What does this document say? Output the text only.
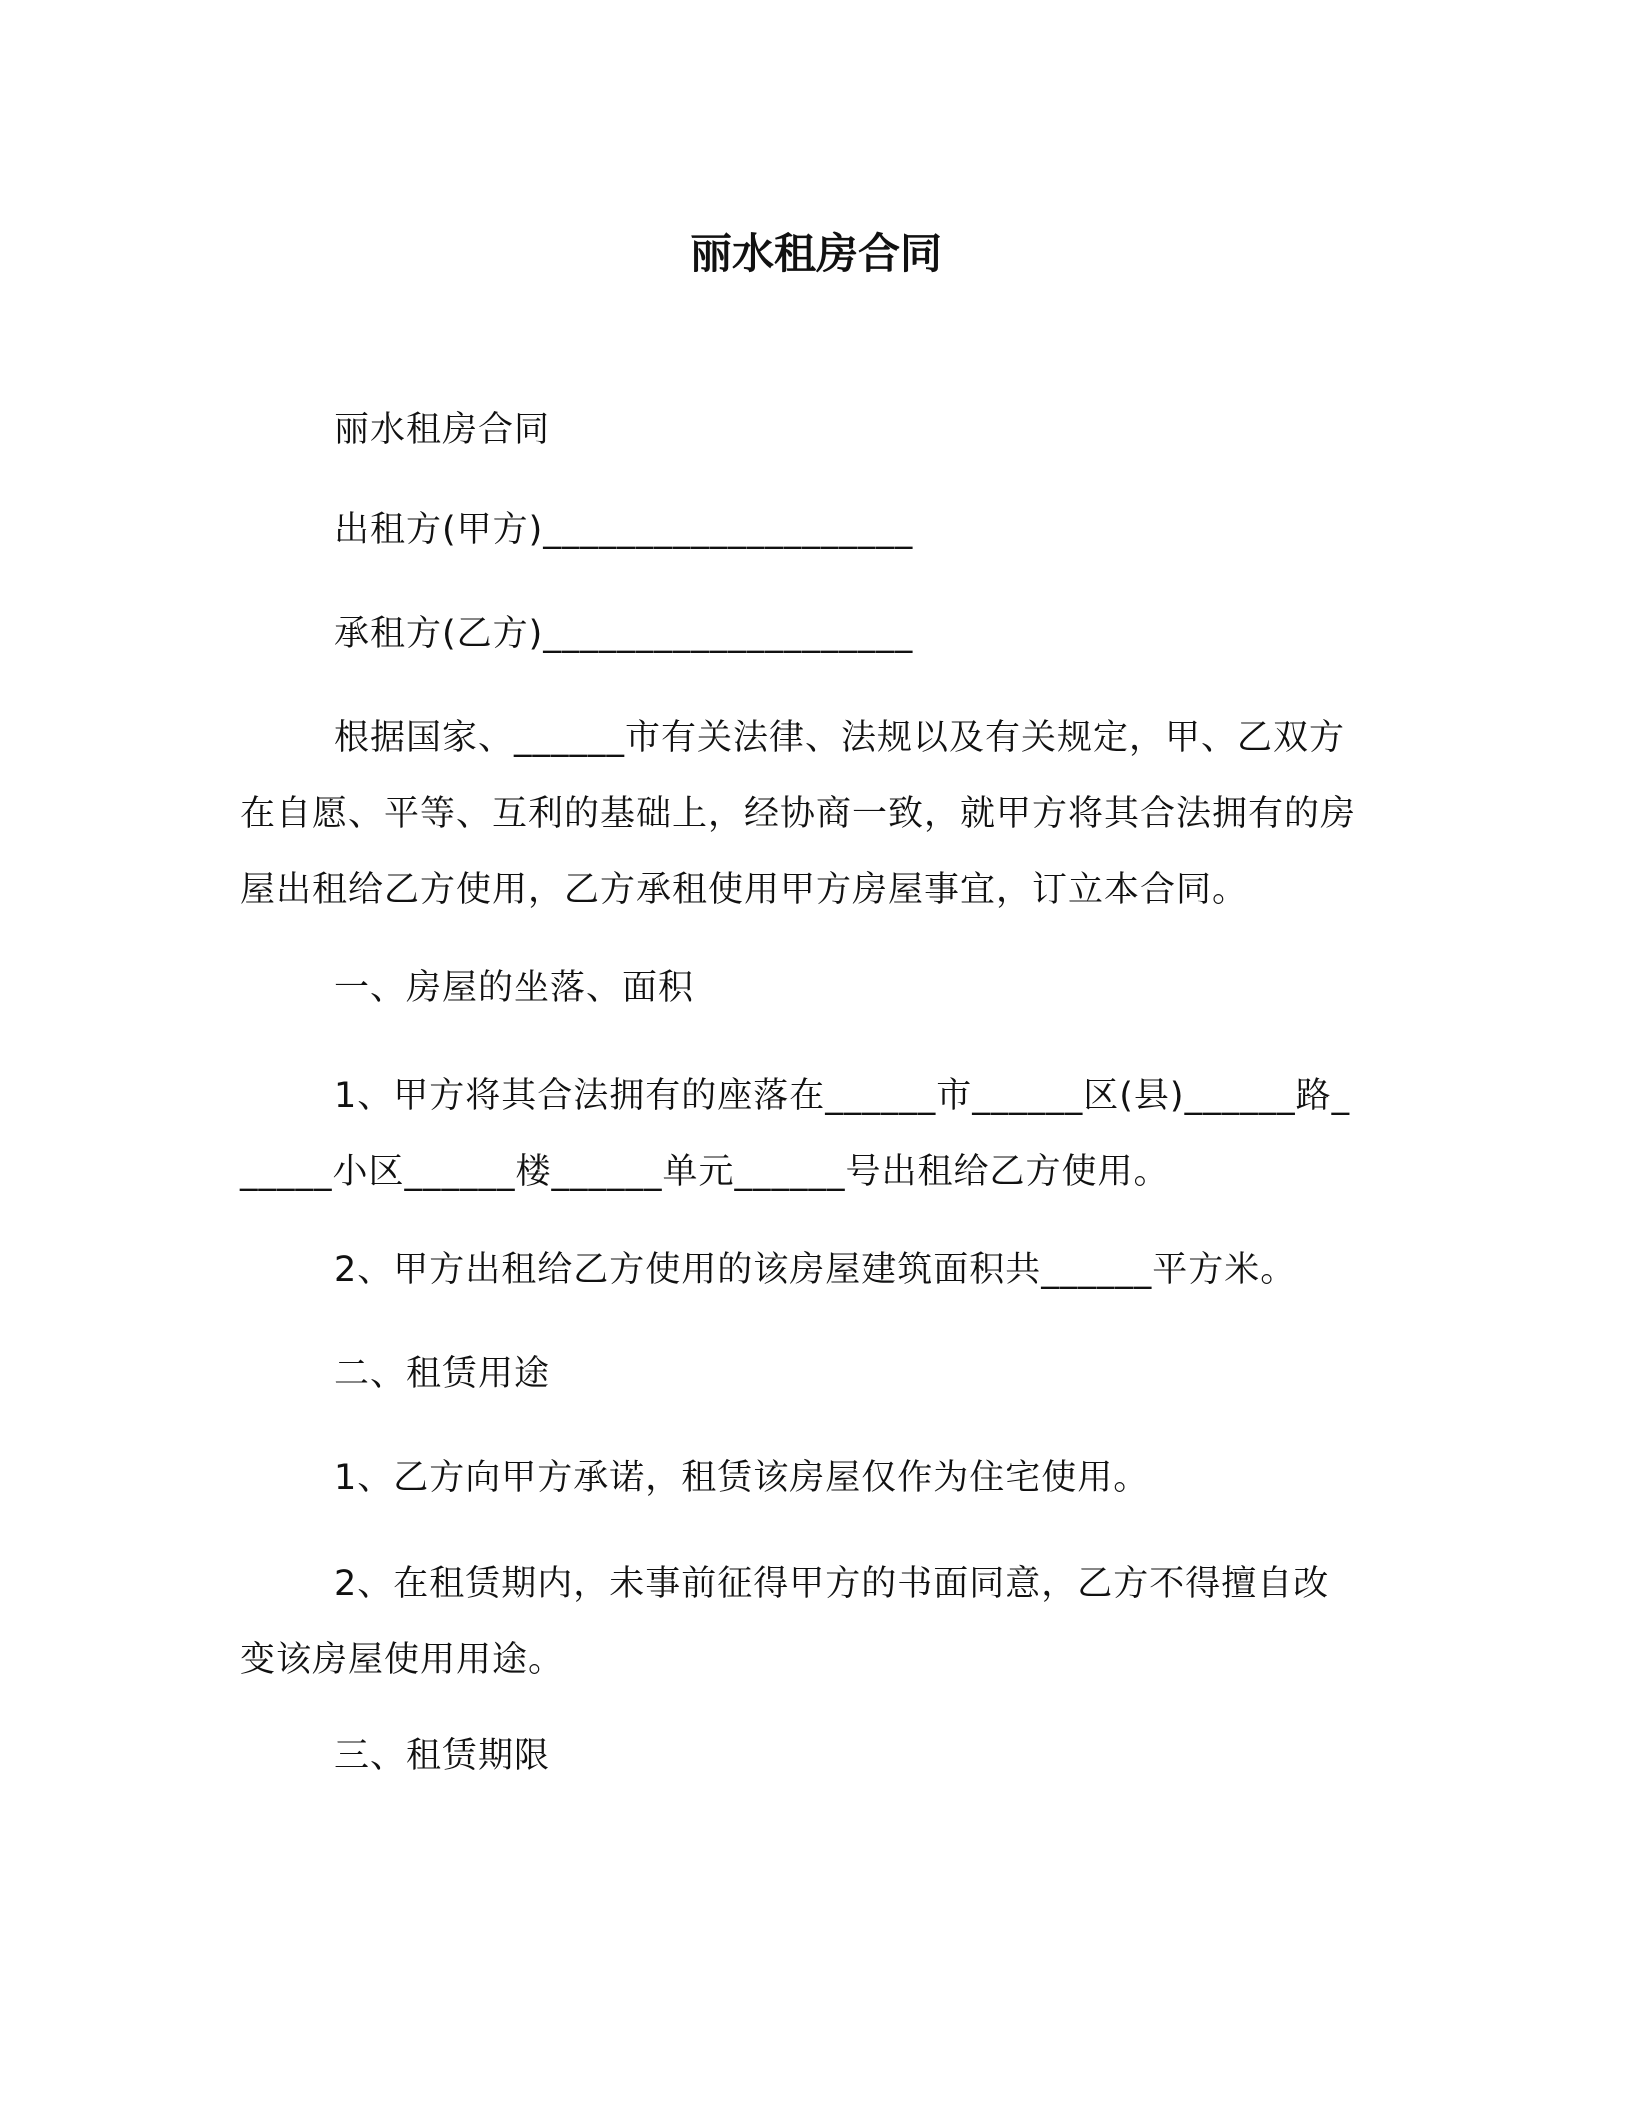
丽水租房合同
丽水租房合同
出租方(甲方)____________________
承租方(乙方)____________________
根据国家、______市有关法律、法规以及有关规定，甲、乙双方在自愿、平等、互利的基础上，经协商一致，就甲方将其合法拥有的房屋出租给乙方使用，乙方承租使用甲方房屋事宜，订立本合同。
一、房屋的坐落、面积
1、甲方将其合法拥有的座落在______市______区(县)______路______小区______楼______单元______号出租给乙方使用。
2、甲方出租给乙方使用的该房屋建筑面积共______平方米。
二、租赁用途
1、乙方向甲方承诺，租赁该房屋仅作为住宅使用。
2、在租赁期内，未事前征得甲方的书面同意，乙方不得擅自改变该房屋使用用途。
三、租赁期限
